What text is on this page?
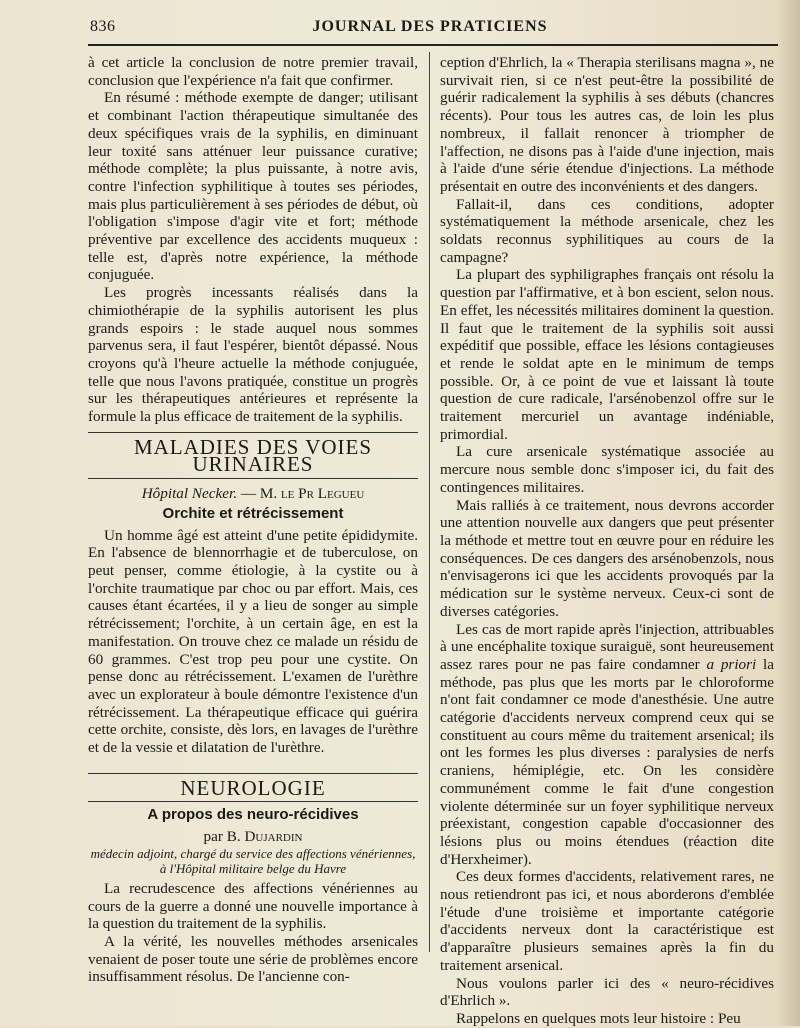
836	JOURNAL DES PRATICIENS

à cet article la conclusion de notre premier travail, conclusion que l'expérience n'a fait que confirmer.

En résumé : méthode exempte de danger; utilisant et combinant l'action thérapeutique simultanée des deux spécifiques vrais de la syphilis, en diminuant leur toxité sans atténuer leur puissance curative; méthode complète; la plus puissante, à notre avis, contre l'infection syphilitique à toutes ses périodes, mais plus particulièrement à ses périodes de début, où l'obligation s'impose d'agir vite et fort; méthode préventive par excellence des accidents muqueux : telle est, d'après notre expérience, la méthode conjuguée.

Les progrès incessants réalisés dans la chimiothérapie de la syphilis autorisent les plus grands espoirs : le stade auquel nous sommes parvenus sera, il faut l'espérer, bientôt dépassé. Nous croyons qu'à l'heure actuelle la méthode conjuguée, telle que nous l'avons pratiquée, constitue un progrès sur les thérapeutiques antérieures et représente la formule la plus efficace de traitement de la syphilis.

MALADIES DES VOIES URINAIRES
Hôpital Necker. — M. le Pr Legueu
Orchite et rétrécissement

Un homme âgé est atteint d'une petite épididymite. En l'absence de blennorrhagie et de tuberculose, on peut penser, comme étiologie, à la cystite ou à l'orchite traumatique par choc ou par effort. Mais, ces causes étant écartées, il y a lieu de songer au simple rétrécissement; l'orchite, à un certain âge, en est la manifestation. On trouve chez ce malade un résidu de 60 grammes. C'est trop peu pour une cystite. On pense donc au rétrécissement. L'examen de l'urèthre avec un explorateur à boule démontre l'existence d'un rétrécissement. La thérapeutique efficace qui guérira cette orchite, consiste, dès lors, en lavages de l'urèthre et de la vessie et dilatation de l'urèthre.

NEUROLOGIE
A propos des neuro-récidives
par B. Dujardin
médecin adjoint, chargé du service des affections vénériennes, à l'Hôpital militaire belge du Havre

La recrudescence des affections vénériennes au cours de la guerre a donné une nouvelle importance à la question du traitement de la syphilis.

A la vérité, les nouvelles méthodes arsenicales venaient de poser toute une série de problèmes encore insuffisamment résolus. De l'ancienne con-

ception d'Ehrlich, la « Therapia sterilisans magna », ne survivait rien, si ce n'est peut-être la possibilité de guérir radicalement la syphilis à ses débuts (chancres récents). Pour tous les autres cas, de loin les plus nombreux, il fallait renoncer à triompher de l'affection, ne disons pas à l'aide d'une injection, mais à l'aide d'une série étendue d'injections. La méthode présentait en outre des inconvénients et des dangers.

Fallait-il, dans ces conditions, adopter systématiquement la méthode arsenicale, chez les soldats reconnus syphilitiques au cours de la campagne?

La plupart des syphiligraphes français ont résolu la question par l'affirmative, et à bon escient, selon nous. En effet, les nécessités militaires dominent la question. Il faut que le traitement de la syphilis soit aussi expéditif que possible, efface les lésions contagieuses et rende le soldat apte en le minimum de temps possible. Or, à ce point de vue et laissant là toute question de cure radicale, l'arsénobenzol offre sur le traitement mercuriel un avantage indéniable, primordial.

La cure arsenicale systématique associée au mercure nous semble donc s'imposer ici, du fait des contingences militaires.

Mais ralliés à ce traitement, nous devrons accorder une attention nouvelle aux dangers que peut présenter la méthode et mettre tout en œuvre pour en réduire les conséquences. De ces dangers des arsénobenzols, nous n'envisagerons ici que les accidents provoqués par la médication sur le système nerveux. Ceux-ci sont de diverses catégories.

Les cas de mort rapide après l'injection, attribuables à une encéphalite toxique suraiguë, sont heureusement assez rares pour ne pas faire condamner a priori la méthode, pas plus que les morts par le chloroforme n'ont fait condamner ce mode d'anesthésie. Une autre catégorie d'accidents nerveux comprend ceux qui se constituent au cours même du traitement arsenical; ils ont les formes les plus diverses : paralysies de nerfs craniens, hémiplégie, etc. On les considère communément comme le fait d'une congestion violente déterminée sur un foyer syphilitique nerveux préexistant, congestion capable d'occasionner des lésions plus ou moins étendues (réaction dite d'Herxheimer).

Ces deux formes d'accidents, relativement rares, ne nous retiendront pas ici, et nous aborderons d'emblée l'étude d'une troisième et importante catégorie d'accidents nerveux dont la caractéristique est d'apparaître plusieurs semaines après la fin du traitement arsenical.

Nous voulons parler ici des « neuro-récidives d'Ehrlich ».

Rappelons en quelques mots leur histoire : Peu
